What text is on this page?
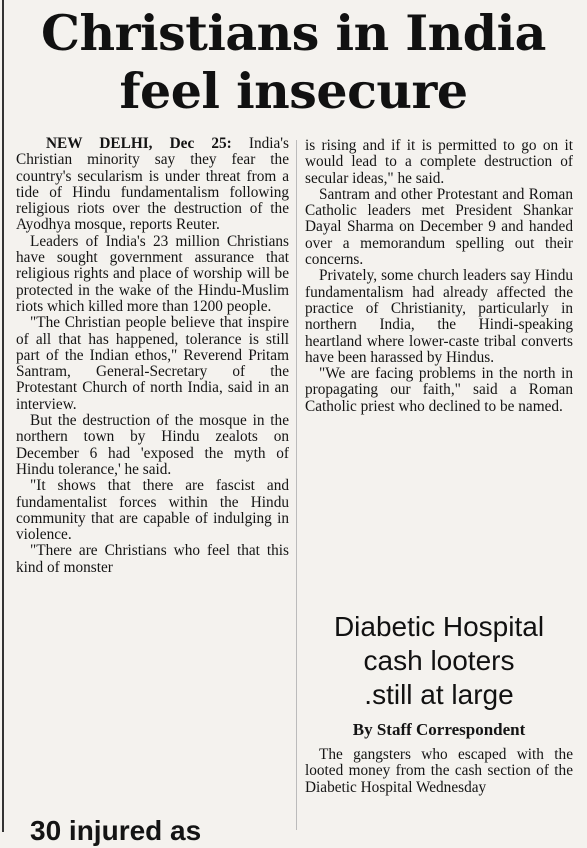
Christians in India
feel insecure

NEW DELHI, Dec 25: India's Christian minority say they fear the country's secularism is under threat from a tide of Hindu fundamentalism following religious riots over the destruction of the Ayodhya mosque, reports Reuter.

Leaders of India's 23 million Christians have sought government assurance that religious rights and place of worship will be protected in the wake of the Hindu-Muslim riots which killed more than 1200 people.

"The Christian people believe that inspire of all that has happened, tolerance is still part of the Indian ethos," Reverend Pritam Santram, General-Secretary of the Protestant Church of north India, said in an interview.

But the destruction of the mosque in the northern town by Hindu zealots on December 6 had 'exposed the myth of Hindu tolerance,' he said.

"It shows that there are fascist and fundamentalist forces within the Hindu community that are capable of indulging in violence.

"There are Christians who feel that this kind of monster

is rising and if it is permitted to go on it would lead to a complete destruction of secular ideas," he said.

Santram and other Protestant and Roman Catholic leaders met President Shankar Dayal Sharma on December 9 and handed over a memorandum spelling out their concerns.

Privately, some church leaders say Hindu fundamentalism had already affected the practice of Christianity, particularly in northern India, the Hindi-speaking heartland where lower-caste tribal converts have been harassed by Hindus.

"We are facing problems in the north in propagating our faith," said a Roman Catholic priest who declined to be named.

Diabetic Hospital
cash looters
.still at large
By Staff Correspondent

The gangsters who escaped with the looted money from the cash section of the Diabetic Hospital Wednesday

30 injured as
